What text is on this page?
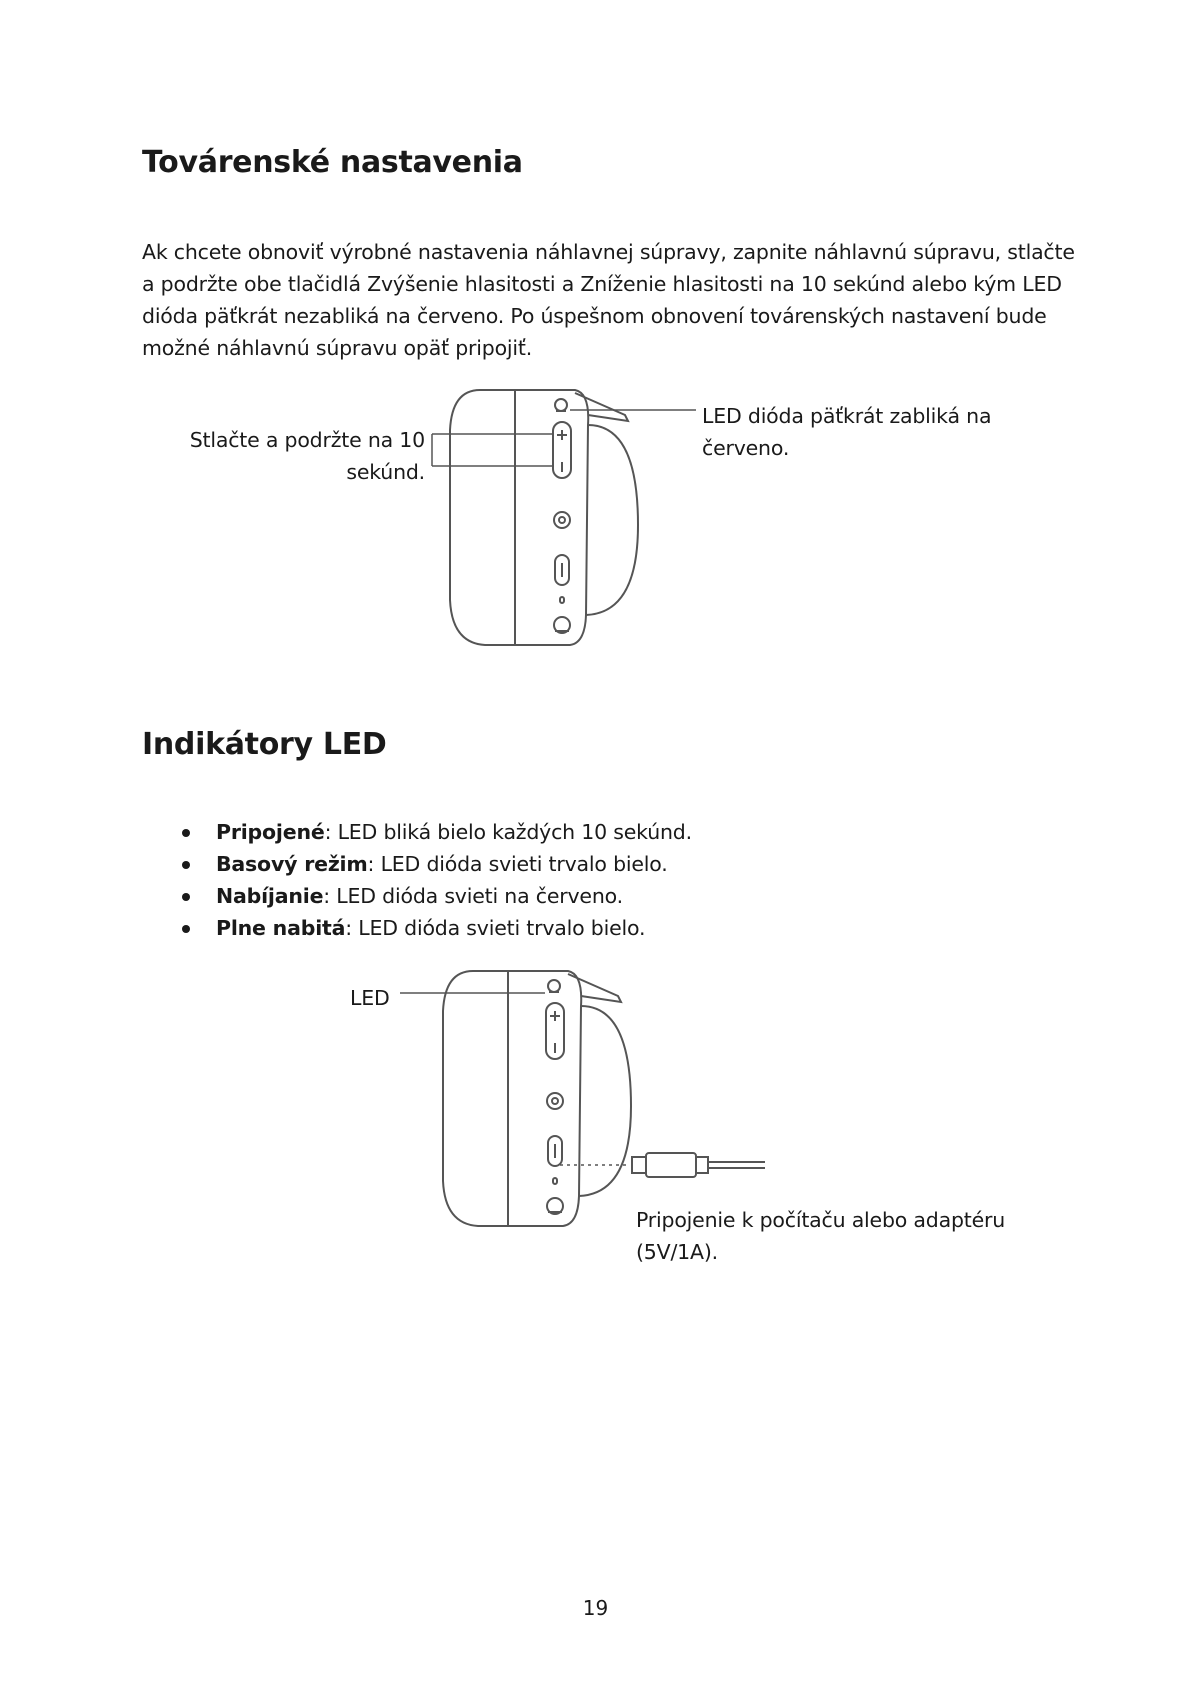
Továrenské nastavenia

Ak chcete obnoviť výrobné nastavenia náhlavnej súpravy, zapnite náhlavnú súpravu, stlačte a podržte obe tlačidlá Zvýšenie hlasitosti a Zníženie hlasitosti na 10 sekúnd alebo kým LED dióda päťkrát nezabliká na červeno. Po úspešnom obnovení továrenských nastavení bude možné náhlavnú súpravu opäť pripojiť.

Stlačte a podržte na 10 sekúnd.
LED dióda päťkrát zabliká na červeno.
Indikátory LED
Pripojené: LED bliká bielo každých 10 sekúnd.
Basový režim: LED dióda svieti trvalo bielo.
Nabíjanie: LED dióda svieti na červeno.
Plne nabitá: LED dióda svieti trvalo bielo.
LED
Pripojenie k počítaču alebo adaptéru (5V/1A).
19
